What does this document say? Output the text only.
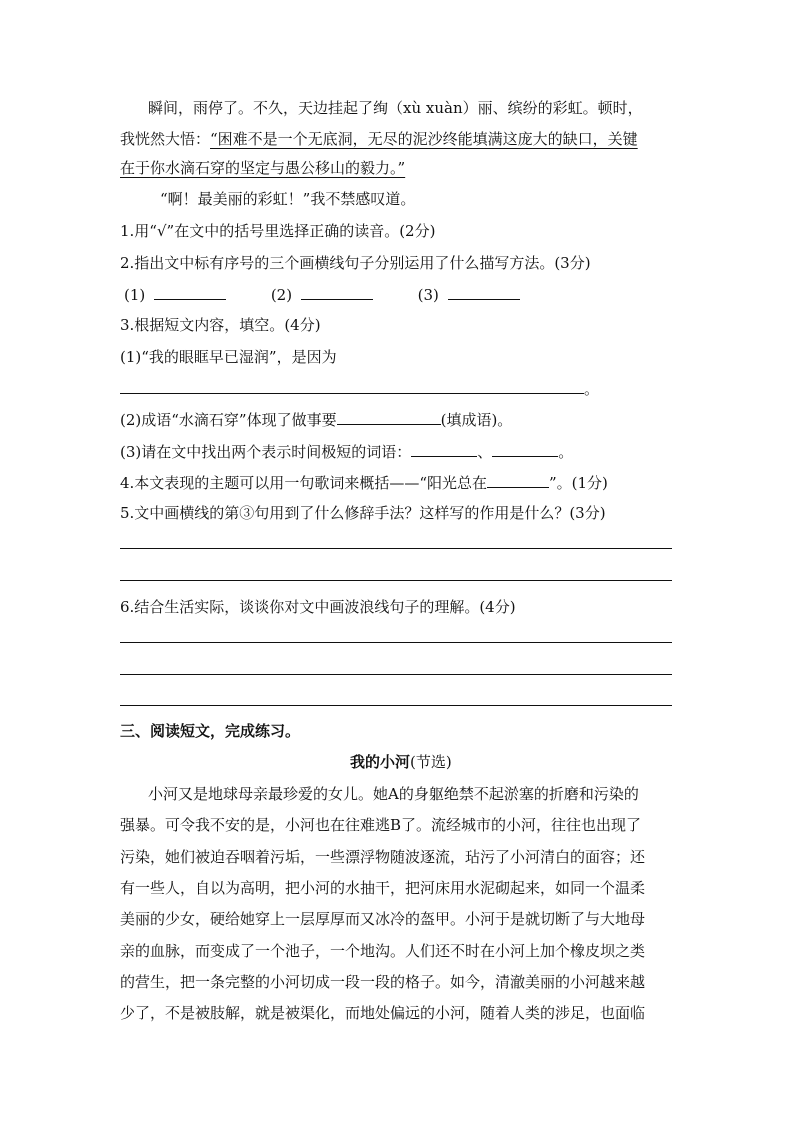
瞬间，雨停了。不久，天边挂起了绚（xù xuàn）丽、缤纷的彩虹。顿时，
我恍然大悟：“困难不是一个无底洞，无尽的泥沙终能填满这庞大的缺口，关键
在于你水滴石穿的坚定与愚公移山的毅力。”
“啊！最美丽的彩虹！”我不禁感叹道。
1.用“√”在文中的括号里选择正确的读音。(2分)
2.指出文中标有序号的三个画横线句子分别运用了什么描写方法。(3分)
(1)	(2)	(3)
3.根据短文内容，填空。(4分)
(1)“我的眼眶早已湿润”，是因为
。
(2)成语“水滴石穿”体现了做事要	(填成语)。
(3)请在文中找出两个表示时间极短的词语：	、	。
4.本文表现的主题可以用一句歌词来概括——“阳光总在	”。(1分)
5.文中画横线的第③句用到了什么修辞手法？这样写的作用是什么？(3分)
6.结合生活实际，谈谈你对文中画波浪线句子的理解。(4分)
三、阅读短文，完成练习。
我的小河(节选)
小河又是地球母亲最珍爱的女儿。她A的身躯绝禁不起淤塞的折磨和污染的
强暴。可令我不安的是，小河也在往难逃B了。流经城市的小河，往往也出现了
污染，她们被迫吞咽着污垢，一些漂浮物随波逐流，玷污了小河清白的面容；还
有一些人，自以为高明，把小河的水抽干，把河床用水泥砌起来，如同一个温柔
美丽的少女，硬给她穿上一层厚厚而又冰冷的盔甲。小河于是就切断了与大地母
亲的血脉，而变成了一个池子，一个地沟。人们还不时在小河上加个橡皮坝之类
的营生，把一条完整的小河切成一段一段的格子。如今，清澈美丽的小河越来越
少了，不是被肢解，就是被渠化，而地处偏远的小河，随着人类的涉足，也面临
